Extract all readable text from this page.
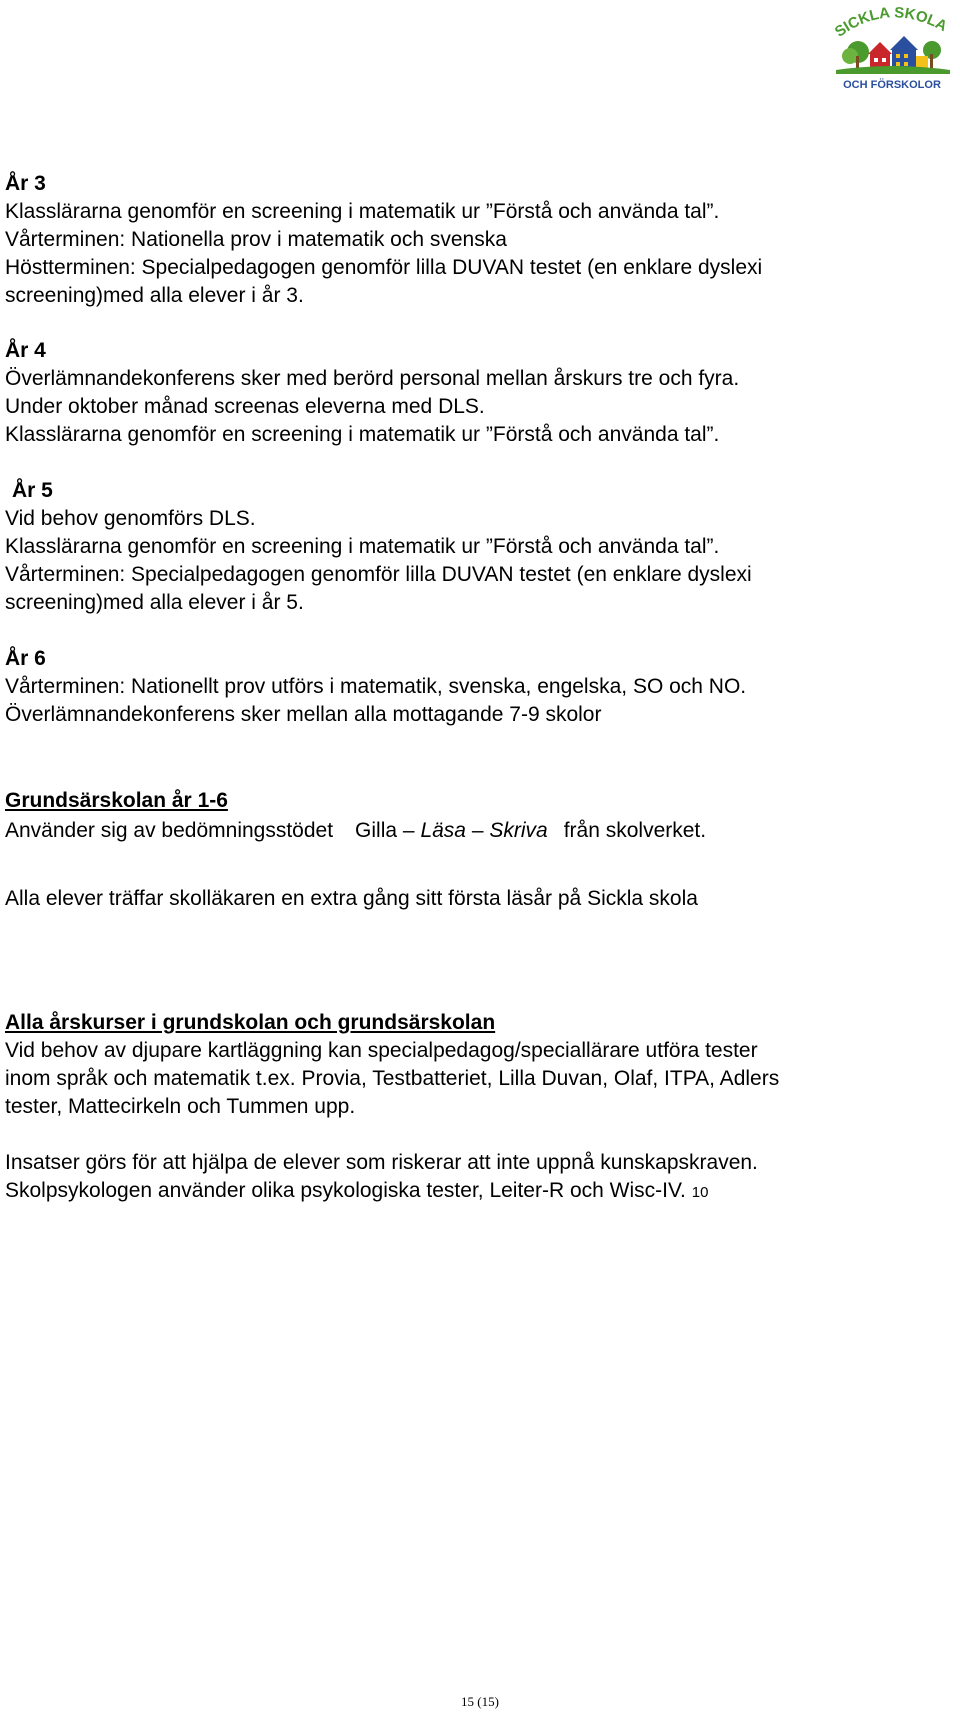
SICKLA SKOLA
OCH FÖRSKOLOR

År 3

Klasslärarna genomför en screening i matematik ur ”Förstå och använda tal”.

Vårterminen: Nationella prov i matematik och svenska

Höstterminen: Specialpedagogen genomför lilla DUVAN testet (en enklare dyslexi

screening)med alla elever i år 3.

År 4

Överlämnandekonferens sker med berörd personal mellan årskurs tre och fyra.

Under oktober månad screenas eleverna med DLS.

Klasslärarna genomför en screening i matematik ur ”Förstå och använda tal”.

År 5

Vid behov genomförs DLS.

Klasslärarna genomför en screening i matematik ur ”Förstå och använda tal”.

Vårterminen: Specialpedagogen genomför lilla DUVAN testet (en enklare dyslexi

screening)med alla elever i år 5.

År 6

Vårterminen: Nationellt prov utförs i matematik, svenska, engelska, SO och NO.

Överlämnandekonferens sker mellan alla mottagande 7-9 skolor

Grundsärskolan år 1-6

Använder sig av bedömningsstödet Gilla – Läsa – Skriva från skolverket.

Alla elever träffar skolläkaren en extra gång sitt första läsår på Sickla skola

Alla årskurser i grundskolan och grundsärskolan

Vid behov av djupare kartläggning kan specialpedagog/speciallärare utföra tester

inom språk och matematik t.ex. Provia, Testbatteriet, Lilla Duvan, Olaf, ITPA, Adlers

tester, Mattecirkeln och Tummen upp.

Insatser görs för att hjälpa de elever som riskerar att inte uppnå kunskapskraven.

Skolpsykologen använder olika psykologiska tester, Leiter-R och Wisc-IV. 10

15 (15)
